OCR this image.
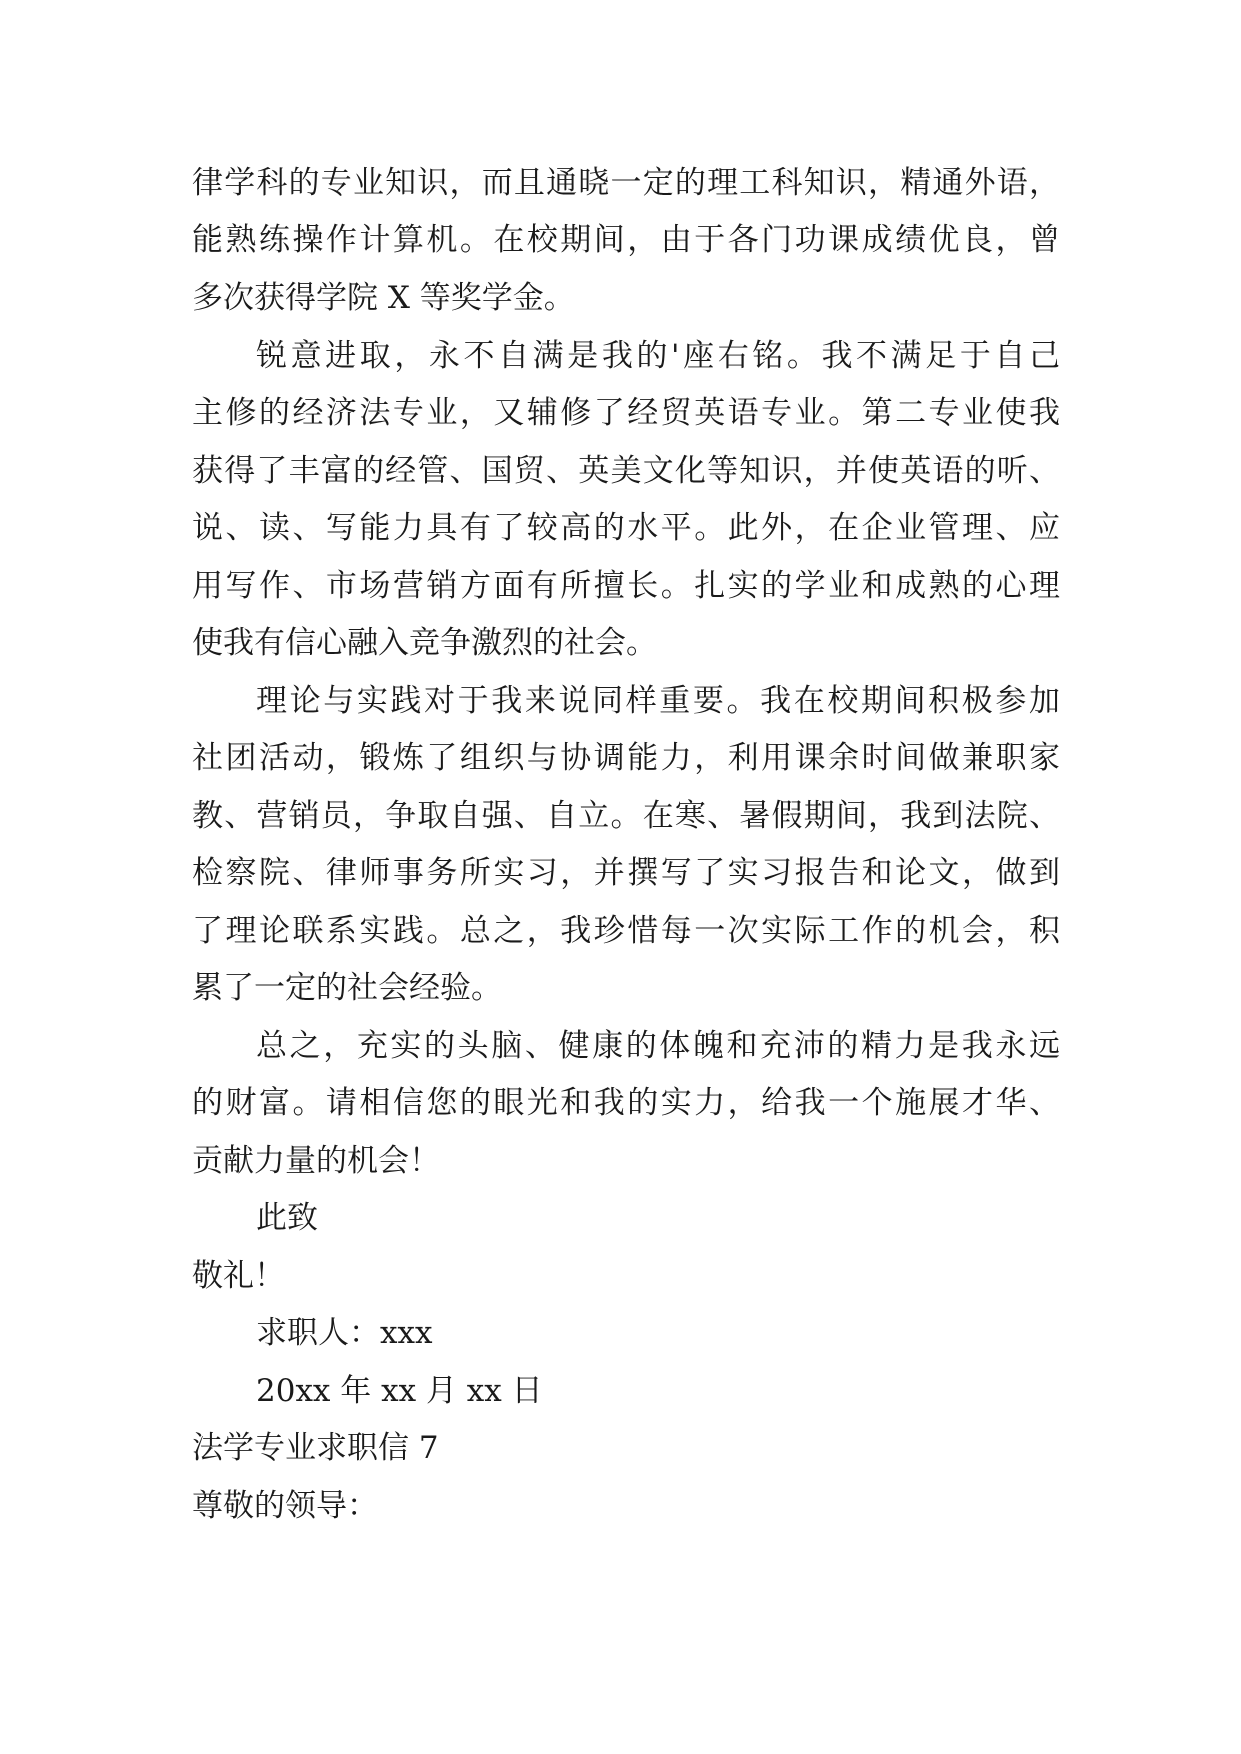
律学科的专业知识，而且通晓一定的理工科知识，精通外语，
能熟练操作计算机。在校期间，由于各门功课成绩优良，曾
多次获得学院 X 等奖学金。
锐意进取，永不自满是我的'座右铭。我不满足于自己
主修的经济法专业，又辅修了经贸英语专业。第二专业使我
获得了丰富的经管、国贸、英美文化等知识，并使英语的听、
说、读、写能力具有了较高的水平。此外，在企业管理、应
用写作、市场营销方面有所擅长。扎实的学业和成熟的心理
使我有信心融入竞争激烈的社会。
理论与实践对于我来说同样重要。我在校期间积极参加
社团活动，锻炼了组织与协调能力，利用课余时间做兼职家
教、营销员，争取自强、自立。在寒、暑假期间，我到法院、
检察院、律师事务所实习，并撰写了实习报告和论文，做到
了理论联系实践。总之，我珍惜每一次实际工作的机会，积
累了一定的社会经验。
总之，充实的头脑、健康的体魄和充沛的精力是我永远
的财富。请相信您的眼光和我的实力，给我一个施展才华、
贡献力量的机会！
此致
敬礼！
求职人：xxx
20xx 年 xx 月 xx 日
法学专业求职信 7
尊敬的领导：
